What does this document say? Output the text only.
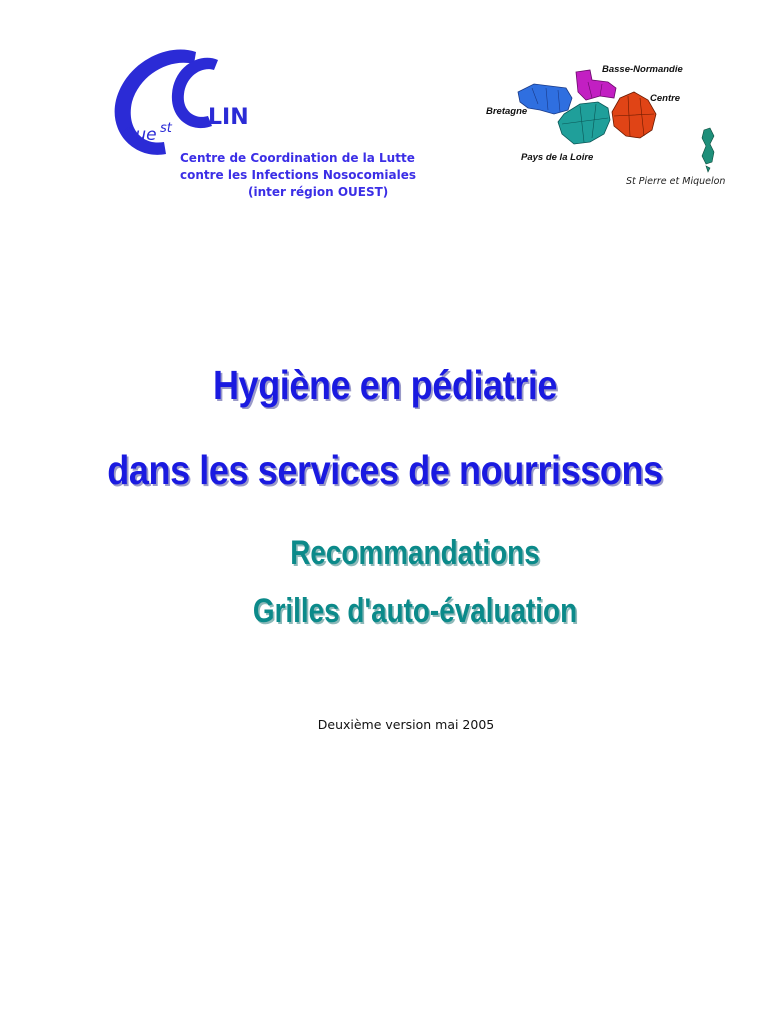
Oue st LIN
Centre de Coordination de la Lutte
contre les Infections Nosocomiales
(inter région OUEST)
Basse-Normandie
Centre
Bretagne
Pays de la Loire
St Pierre et Miquelon
Hygiène en pédiatrie
dans les services de nourrissons
Recommandations
Grilles d'auto-évaluation
Deuxième version mai 2005
